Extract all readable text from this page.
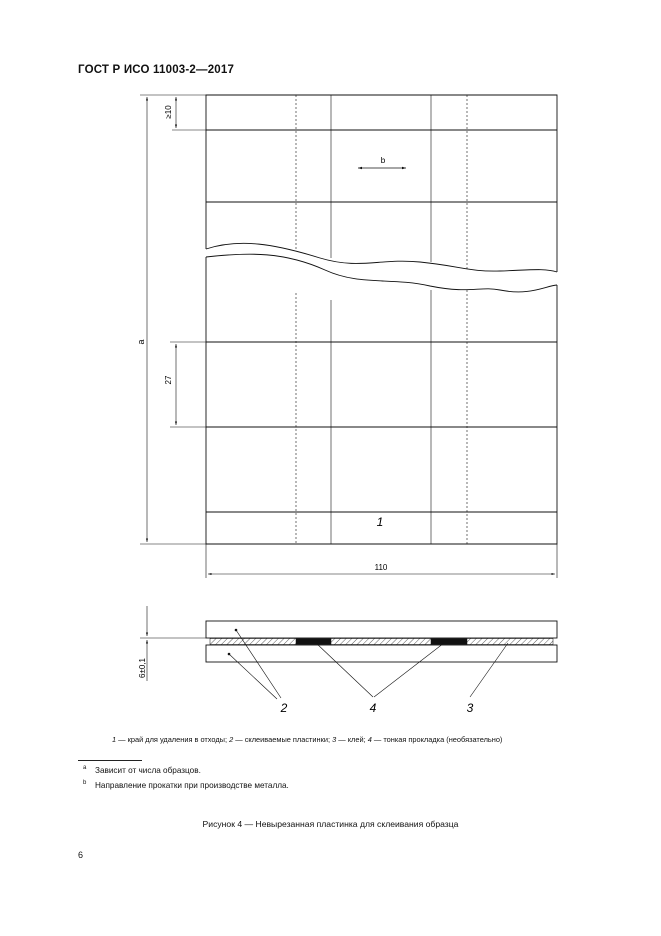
ГОСТ Р ИСО 11003-2—2017
a
≥10
27
b
1
110
6±0,1
2	4	3
1 — край для удаления в отходы; 2 — склеиваемые пластинки; 3 — клей; 4 — тонкая прокладка (необязательно)
a Зависит от числа образцов.
b Направление прокатки при производстве металла.
Рисунок 4 — Невырезанная пластинка для склеивания образца
6
